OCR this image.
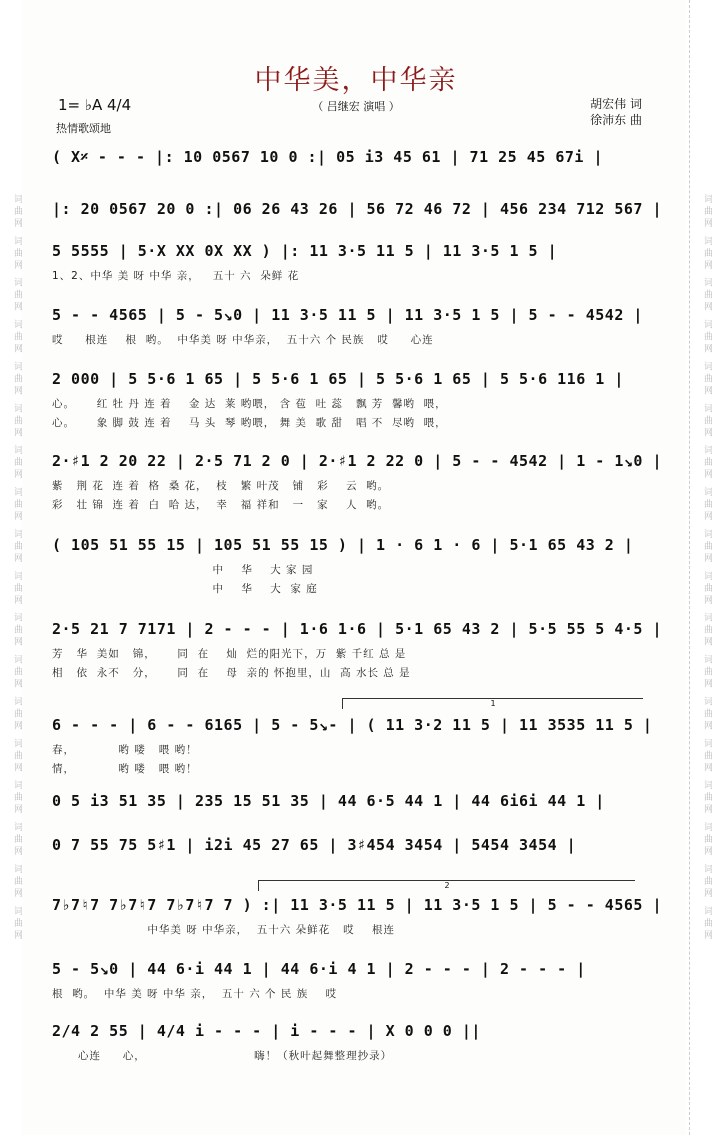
词曲网 词曲网 词曲网 词曲网 词曲网 词曲网 词曲网 词曲网 词曲网 词曲网 词曲网 词曲网 词曲网 词曲网 词曲网 词曲网 词曲网 词曲网
词曲网 词曲网 词曲网 词曲网 词曲网 词曲网 词曲网 词曲网 词曲网 词曲网 词曲网 词曲网 词曲网 词曲网 词曲网 词曲网 词曲网 词曲网
中华美，中华亲
1= ♭A 4/4
热情歌颂地
（ 吕继宏 演唱 ）	胡宏伟 词
徐沛东 曲
( X𝄎 - - - |: 10 0567 10 0 :| 05 i3 45 61 | 71 25 45 67i |
|: 20 0567 20 0 :| 06 26 43 26 | 56 72 46 72 | 456 234 712 567 |
5 5555 | 5·X XX 0X XX ) |: 11 3·5 11 5 | 11 3·5 1 5 |
1、2、中华 美 呀 中华 亲，   五十 六  朵鲜 花
5 - - 4565 | 5 - 5↘0 | 11 3·5 11 5 | 11 3·5 1 5 | 5 - - 4542 |
哎     根连    根  哟。  中华美 呀 中华亲，  五十六 个 民族   哎     心连
2 000 | 5 5·6 1 65 | 5 5·6 1 65 | 5 5·6 1 65 | 5 5·6 116 1 |
心。     红 牡 丹 连 着    金 达  莱 哟喂， 含 苞  吐 蕊   飘 芳  馨哟  喂，
心。     象 脚 鼓 连 着    马 头  琴 哟喂， 舞 美  歌 甜   唱 不  尽哟  喂，
2·♯1 2 20 22 | 2·5 71 2 0 | 2·♯1 2 22 0 | 5 - - 4542 | 1 - 1↘0 |
紫   荆 花  连 着  格  桑 花，  枝   繁 叶茂   铺   彩    云  哟。
彩   壮 锦  连 着  白  哈 达，  幸   福 祥和   一   家    人  哟。
( 105 51 55 15 | 105 51 55 15 ) | 1 · 6 1 · 6 | 5·1 65 43 2 |
中    华    大 家 园
中    华    大  家 庭
2·5 21 7 7171 | 2 - - - | 1·6 1·6 | 5·1 65 43 2 | 5·5 55 5 4·5 |
芳   华  美如   锦，     同  在    灿  烂的阳光下，万  紫 千红 总 是
相   依  永不   分，     同  在    母  亲的 怀抱里，山  高 水长 总 是
1
6 - - - | 6 - - 6165 | 5 - 5↘- | ( 11 3·2 11 5 | 11 3535 11 5 |
春，          哟 喽   喂 哟！
情，          哟 喽   喂 哟！
0 5 i3 51 35 | 235 15 51 35 | 44 6·5 44 1 | 44 6i6i 44 1 |
0 7 55 75 5♯1 | i2i 45 27 65 | 3♯454 3454 | 5454 3454 |
2
7♭7♮7 7♭7♮7 7♭7♮7 7 ) :| 11 3·5 11 5 | 11 3·5 1 5 | 5 - - 4565 |
中华美 呀 中华亲，  五十六 朵鲜花   哎    根连
5 - 5↘0 | 44 6·i 44 1 | 44 6·i 4 1 | 2 - - - | 2 - - - |
根  哟。  中华 美 呀 中华 亲，  五十 六 个 民 族    哎
2/4 2 55 | 4/4 i - - - | i - - - | X 0 0 0 ||
心连     心，                         嗨！（秋叶起舞整理抄录）
